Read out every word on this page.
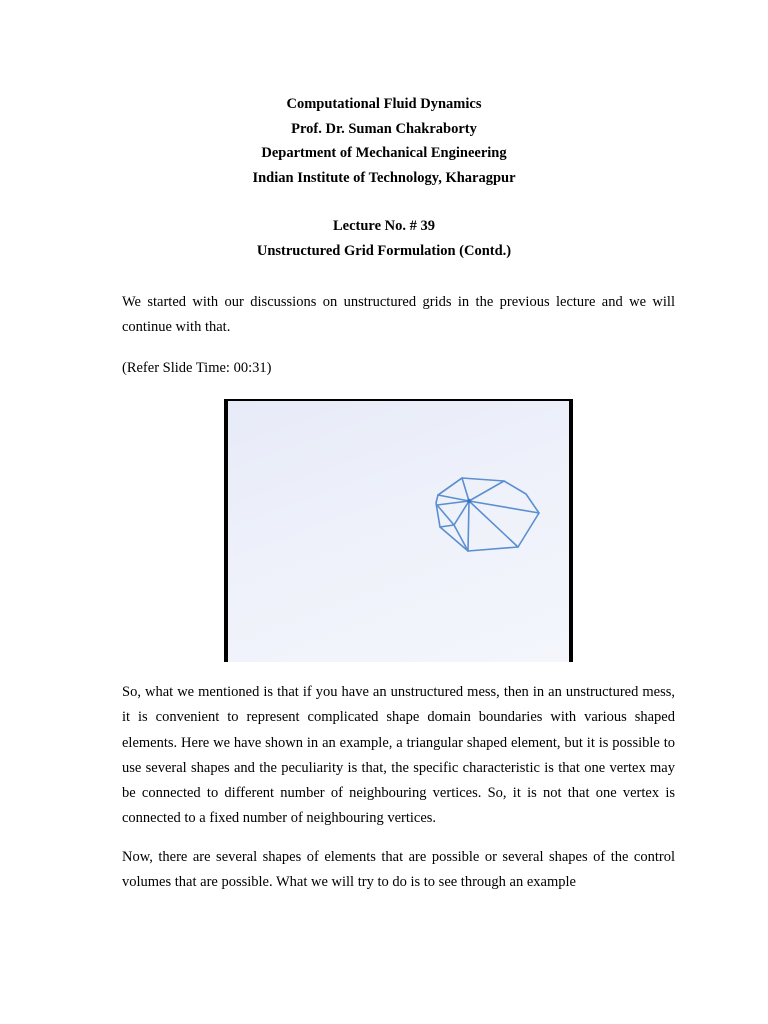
Computational Fluid Dynamics
Prof. Dr. Suman Chakraborty
Department of Mechanical Engineering
Indian Institute of Technology, Kharagpur
Lecture No. # 39
Unstructured Grid Formulation (Contd.)

We started with our discussions on unstructured grids in the previous lecture and we will continue with that.

(Refer Slide Time: 00:31)

So, what we mentioned is that if you have an unstructured mess, then in an unstructured mess, it is convenient to represent complicated shape domain boundaries with various shaped elements. Here we have shown in an example, a triangular shaped element, but it is possible to use several shapes and the peculiarity is that, the specific characteristic is that one vertex may be connected to different number of neighbouring vertices. So, it is not that one vertex is connected to a fixed number of neighbouring vertices.

Now, there are several shapes of elements that are possible or several shapes of the control volumes that are possible. What we will try to do is to see through an example
